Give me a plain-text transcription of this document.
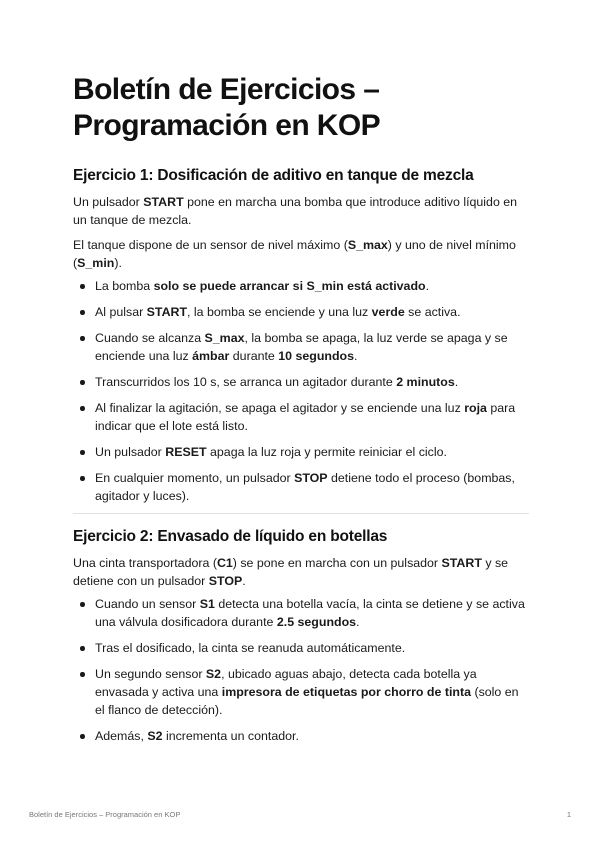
Boletín de Ejercicios – Programación en KOP
Ejercicio 1: Dosificación de aditivo en tanque de mezcla

Un pulsador START pone en marcha una bomba que introduce aditivo líquido en un tanque de mezcla.

El tanque dispone de un sensor de nivel máximo (S_max) y uno de nivel mínimo (S_min).

La bomba solo se puede arrancar si S_min está activado.
Al pulsar START, la bomba se enciende y una luz verde se activa.
Cuando se alcanza S_max, la bomba se apaga, la luz verde se apaga y se enciende una luz ámbar durante 10 segundos.
Transcurridos los 10 s, se arranca un agitador durante 2 minutos.
Al finalizar la agitación, se apaga el agitador y se enciende una luz roja para indicar que el lote está listo.
Un pulsador RESET apaga la luz roja y permite reiniciar el ciclo.
En cualquier momento, un pulsador STOP detiene todo el proceso (bombas, agitador y luces).
Ejercicio 2: Envasado de líquido en botellas

Una cinta transportadora (C1) se pone en marcha con un pulsador START y se detiene con un pulsador STOP.

Cuando un sensor S1 detecta una botella vacía, la cinta se detiene y se activa una válvula dosificadora durante 2.5 segundos.
Tras el dosificado, la cinta se reanuda automáticamente.
Un segundo sensor S2, ubicado aguas abajo, detecta cada botella ya envasada y activa una impresora de etiquetas por chorro de tinta (solo en el flanco de detección).
Además, S2 incrementa un contador.
Boletín de Ejercicios – Programación en KOP	1
